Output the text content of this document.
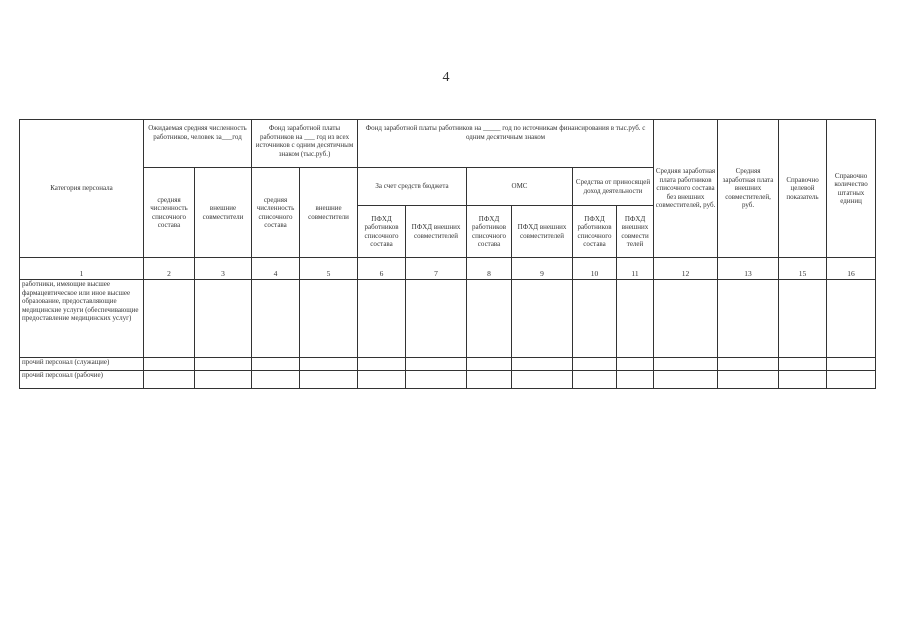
4
Категория персонала	Ожидаемая средняя численность работников, человек за___год		Фонд заработной платы работников на ___ год из всех источников с одним десятичным знаком (тыс.руб.)		Фонд заработной платы работников на _____ год по источникам финансирования в тыс.руб. с одним десятичным знаком						Средняя заработная плата работников списочного состава без внешних совместителей, руб.	Средняя заработная плата внешних совместителей, руб.	Справочно целевой показатель	Справочно количество штатных единиц
	средняя численность списочного состава	внешние совместители	средняя численность списочного состава	внешние совместители	За счет средств бюджета		ОМС		Средства от приносящей доход деятельности					
					ПФХД работников списочного состава	ПФХД внешних совместителей	ПФХД работников списочного состава	ПФХД внешних совместителей	ПФХД работников списочного состава	ПФХД внешних совмести телей				
1	2	3	4	5	6	7	8	9	10	11	12	13	15	16
работники, имеющие высшее фармацевтическое или иное высшее образование, предоставляющие медицинские услуги (обеспечивающие предоставление медицинских услуг)														
прочий персонал (служащие)														
прочий персонал (рабочие)														
